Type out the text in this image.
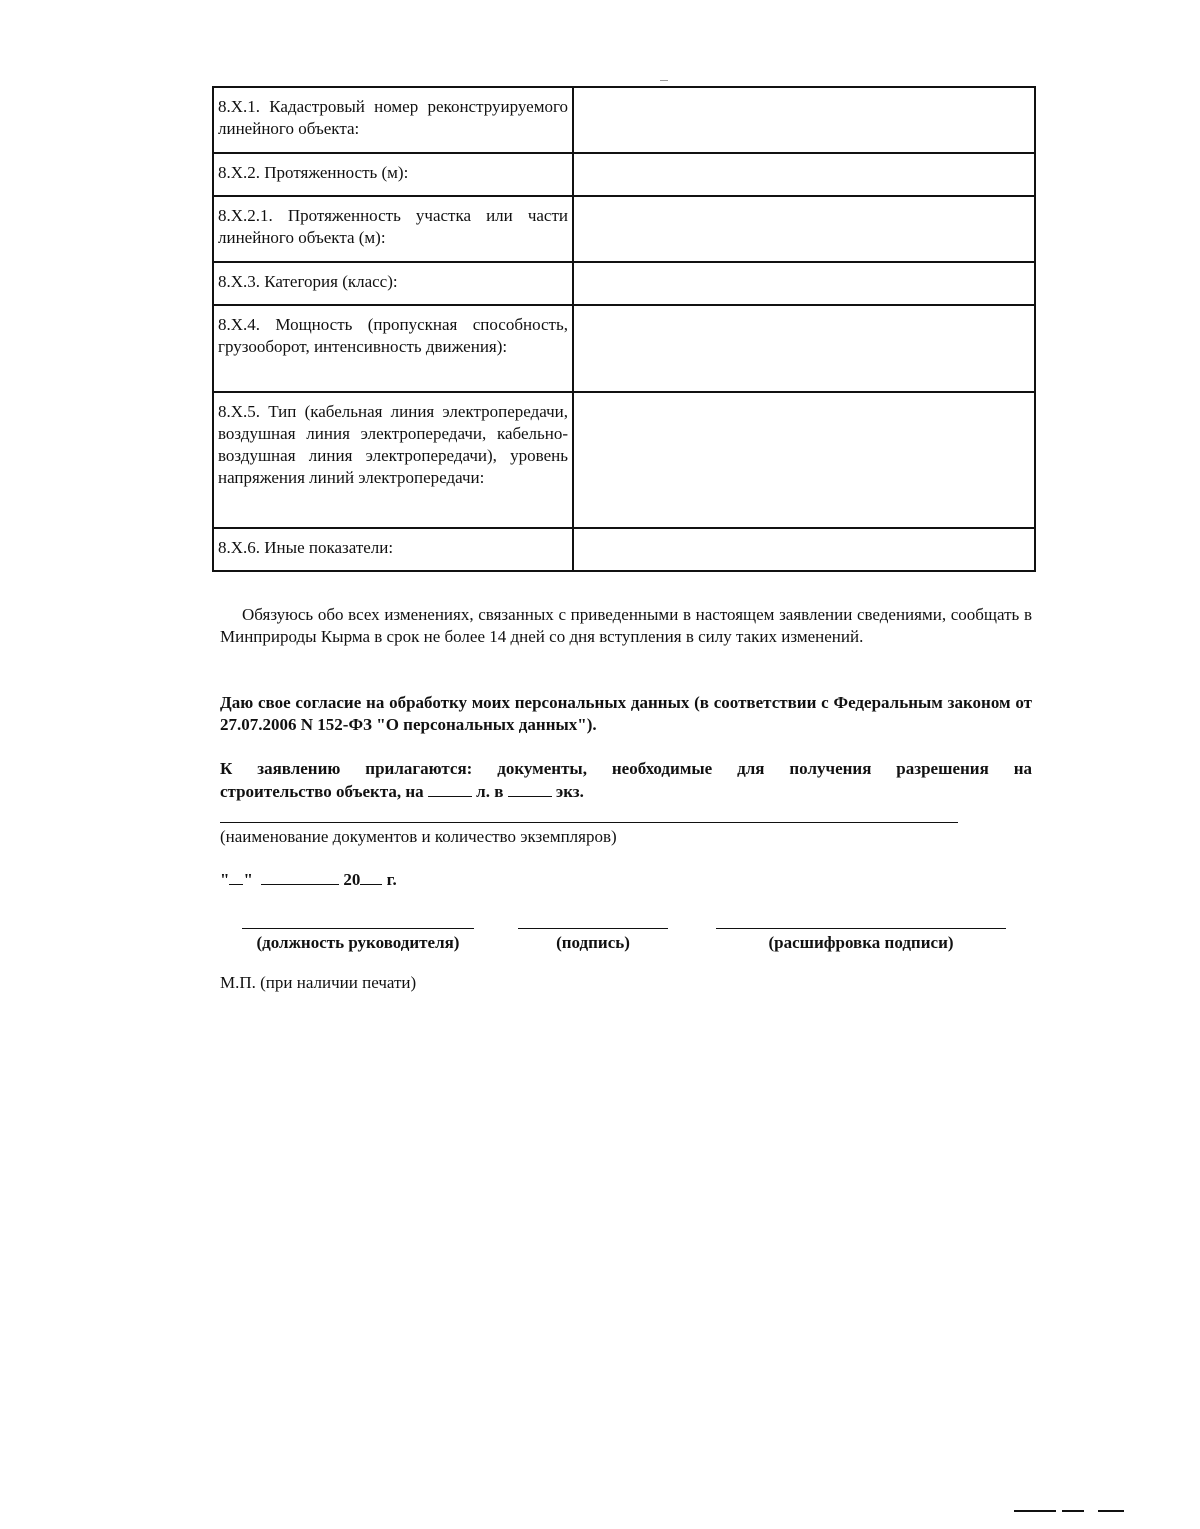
8.Х.1. Кадастровый номер реконструируемого линейного объекта:	
8.Х.2. Протяженность (м):	
8.Х.2.1. Протяженность участка или части линейного объекта (м):	
8.Х.3. Категория (класс):	
8.Х.4. Мощность (пропускная способность, грузооборот, интенсивность движения):	
8.Х.5. Тип (кабельная линия электропередачи, воздушная линия электропередачи, кабельно-воздушная линия электропередачи), уровень напряжения линий электропередачи:	
8.Х.6. Иные показатели:	
Обязуюсь обо всех изменениях, связанных с приведенными в настоящем заявлении сведениями, сообщать в Минприроды Кырма в срок не более 14 дней со дня вступления в силу таких изменений.
Даю свое согласие на обработку моих персональных данных (в соответствии с Федеральным законом от 27.07.2006 N 152-ФЗ "О персональных данных").
К заявлению прилагаются: документы, необходимые для получения разрешения на
строительство объекта, на	л. в	экз.
(наименование документов и количество экземпляров)
" "	20 г.
(должность руководителя)	(подпись)	(расшифровка подписи)
М.П. (при наличии печати)
